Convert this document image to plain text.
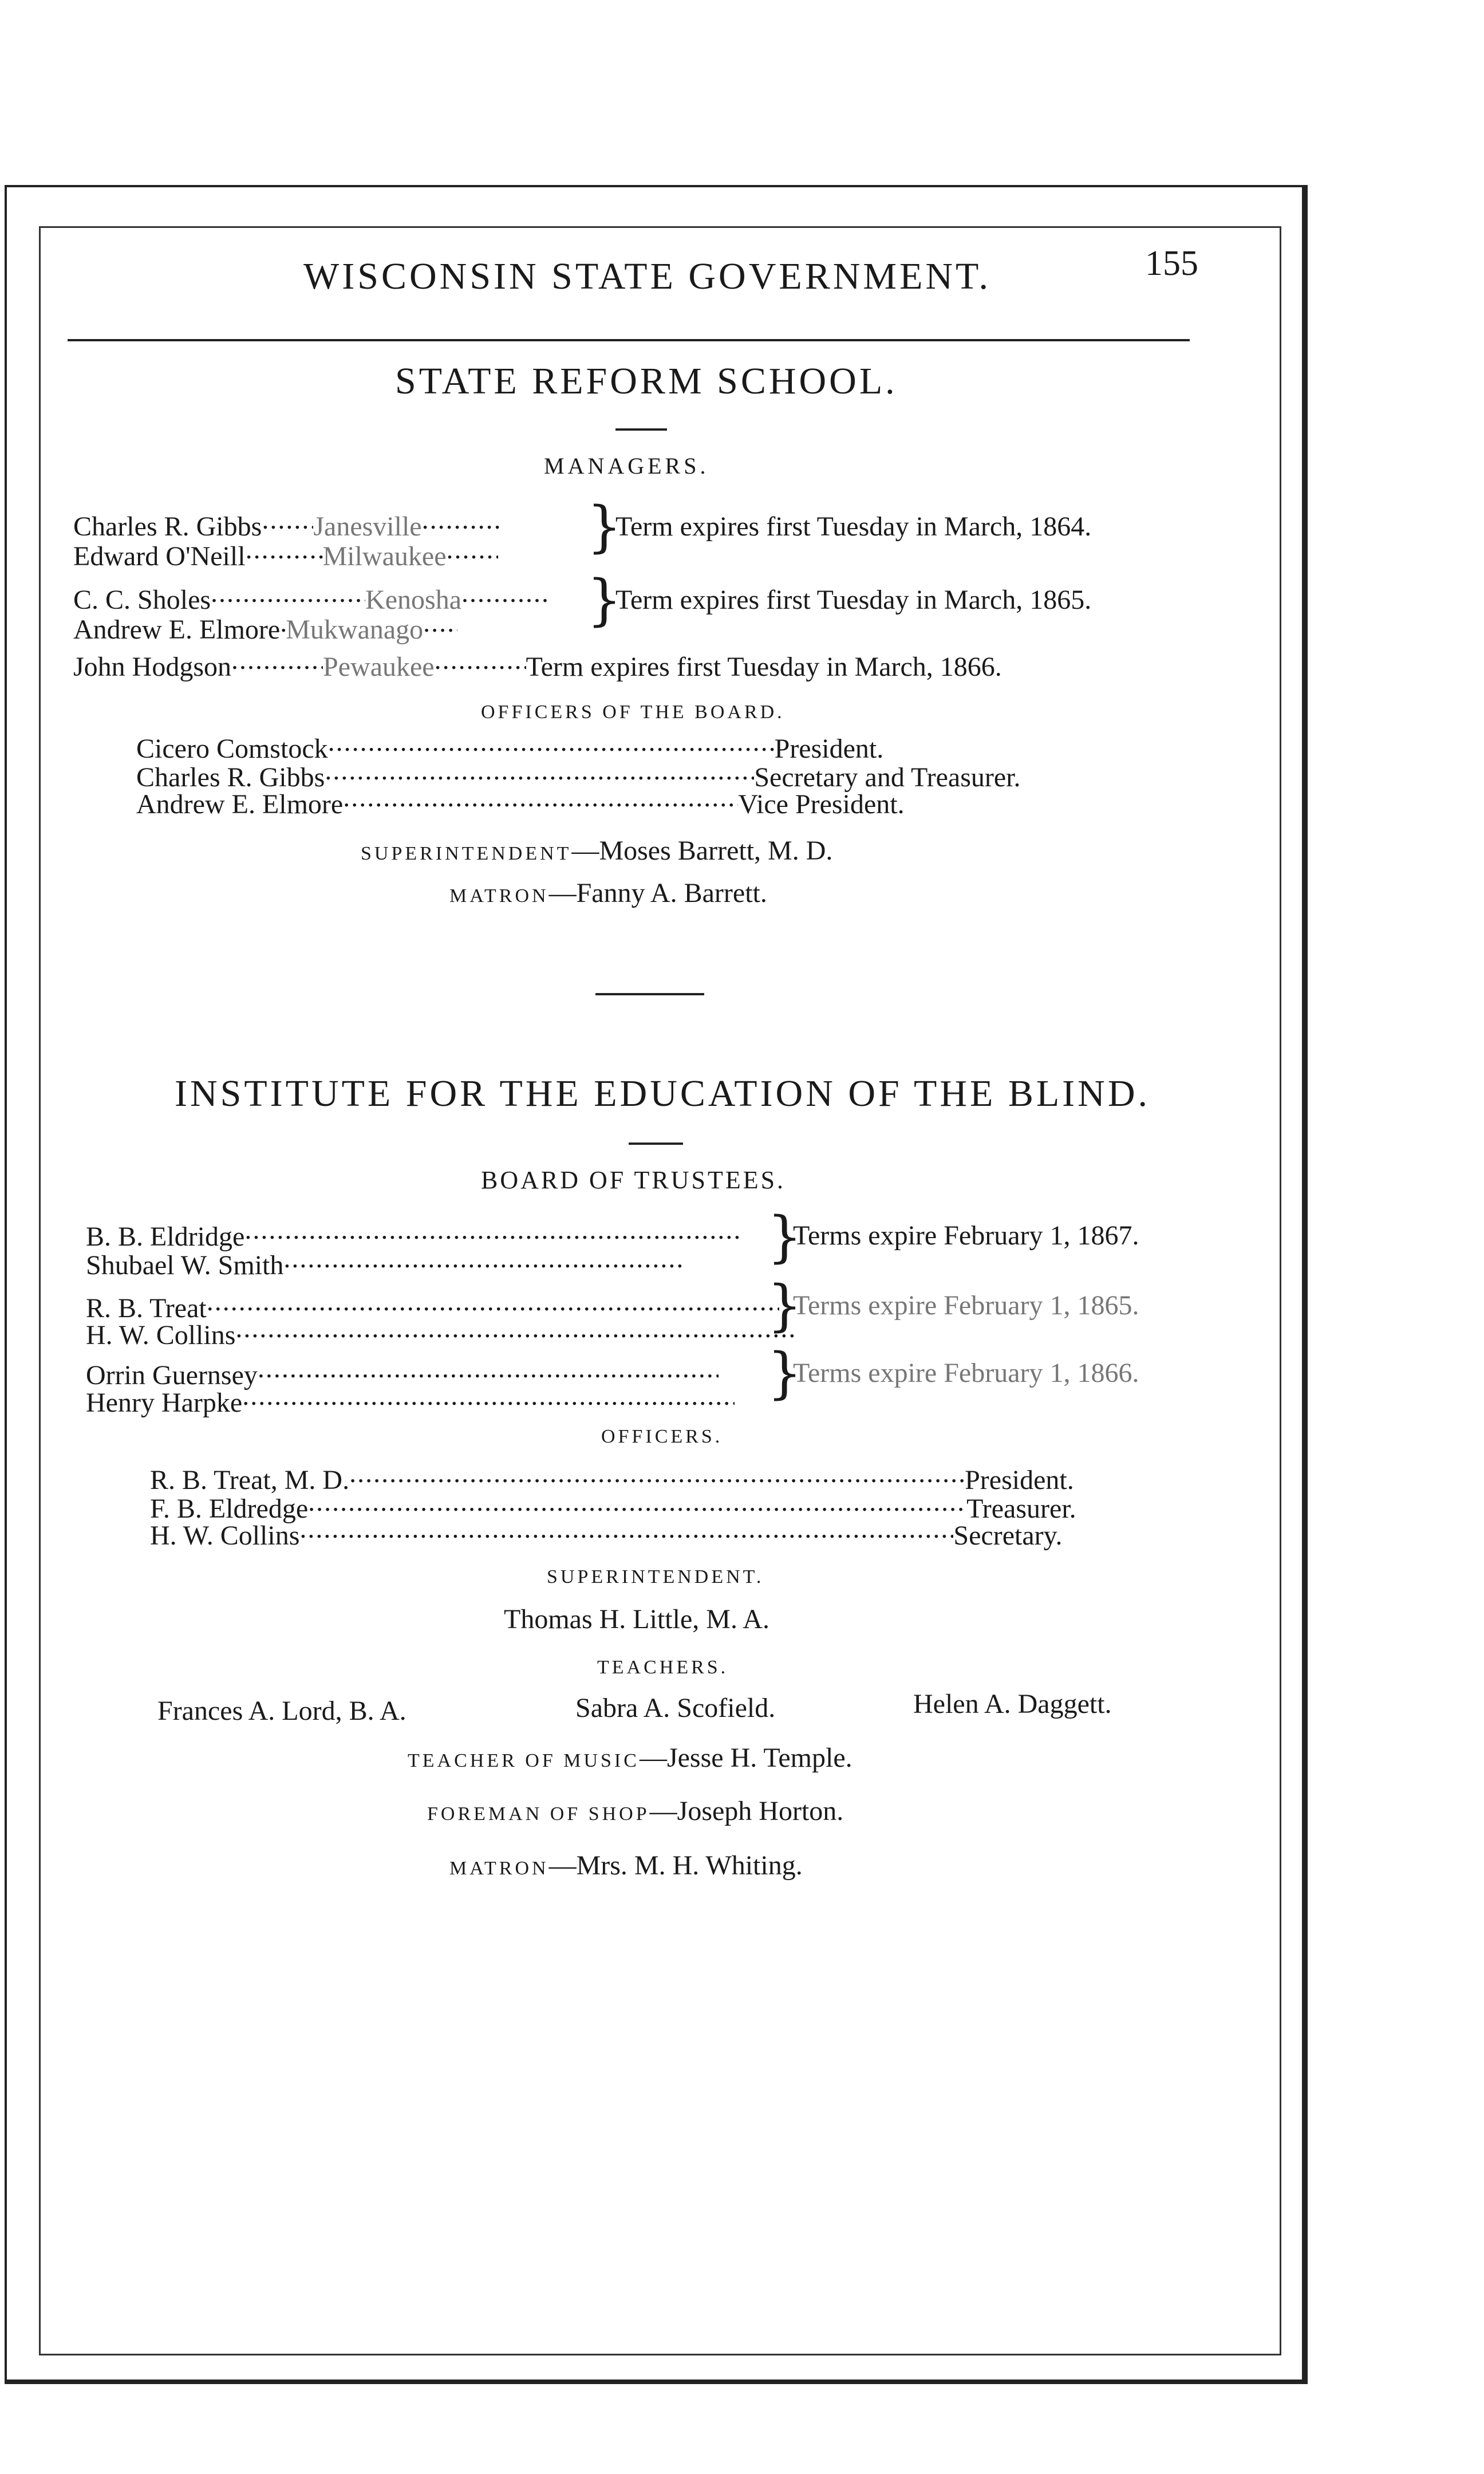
WISCONSIN STATE GOVERNMENT.	155
STATE REFORM SCHOOL.
MANAGERS.
Charles R. Gibbs ..... Janesville.....
Edward O'Neill .....	Milwaukee .....	}
Term expires first Tuesday in March, 1864.
C. C. Sholes .....	Kenosha.....
Andrew E. Elmore ..... Mukwanago .....	}
Term expires first Tuesday in March, 1865.
John Hodgson .....	Pewaukee .....	Term expires first Tuesday in March, 1866.
OFFICERS OF THE BOARD.
Cicero Comstock .....	President.
Charles R. Gibbs .....	Secretary and Treasurer.
Andrew E. Elmore .....	Vice President.
SUPERINTENDENT—Moses Barrett, M. D.
MATRON—Fanny A. Barrett.
INSTITUTE FOR THE EDUCATION OF THE BLIND.
BOARD OF TRUSTEES.
B. B. Eldridge.....
Shubael W. Smith .....	}
Terms expire February 1, 1867.
R. B. Treat.....
H. W. Collins .....	}
Terms expire February 1, 1865.
Orrin Guernsey.....
Henry Harpke .....	}
Terms expire February 1, 1866.
OFFICERS.
R. B. Treat, M. D. .....	President.
F. B. Eldredge .....	Treasurer.
H. W. Collins .....	Secretary.
SUPERINTENDENT.
Thomas H. Little, M. A.
TEACHERS.
Frances A. Lord, B. A.	Sabra A. Scofield.	Helen A. Daggett.
TEACHER OF MUSIC—Jesse H. Temple.
FOREMAN OF SHOP—Joseph Horton.
MATRON—Mrs. M. H. Whiting.
